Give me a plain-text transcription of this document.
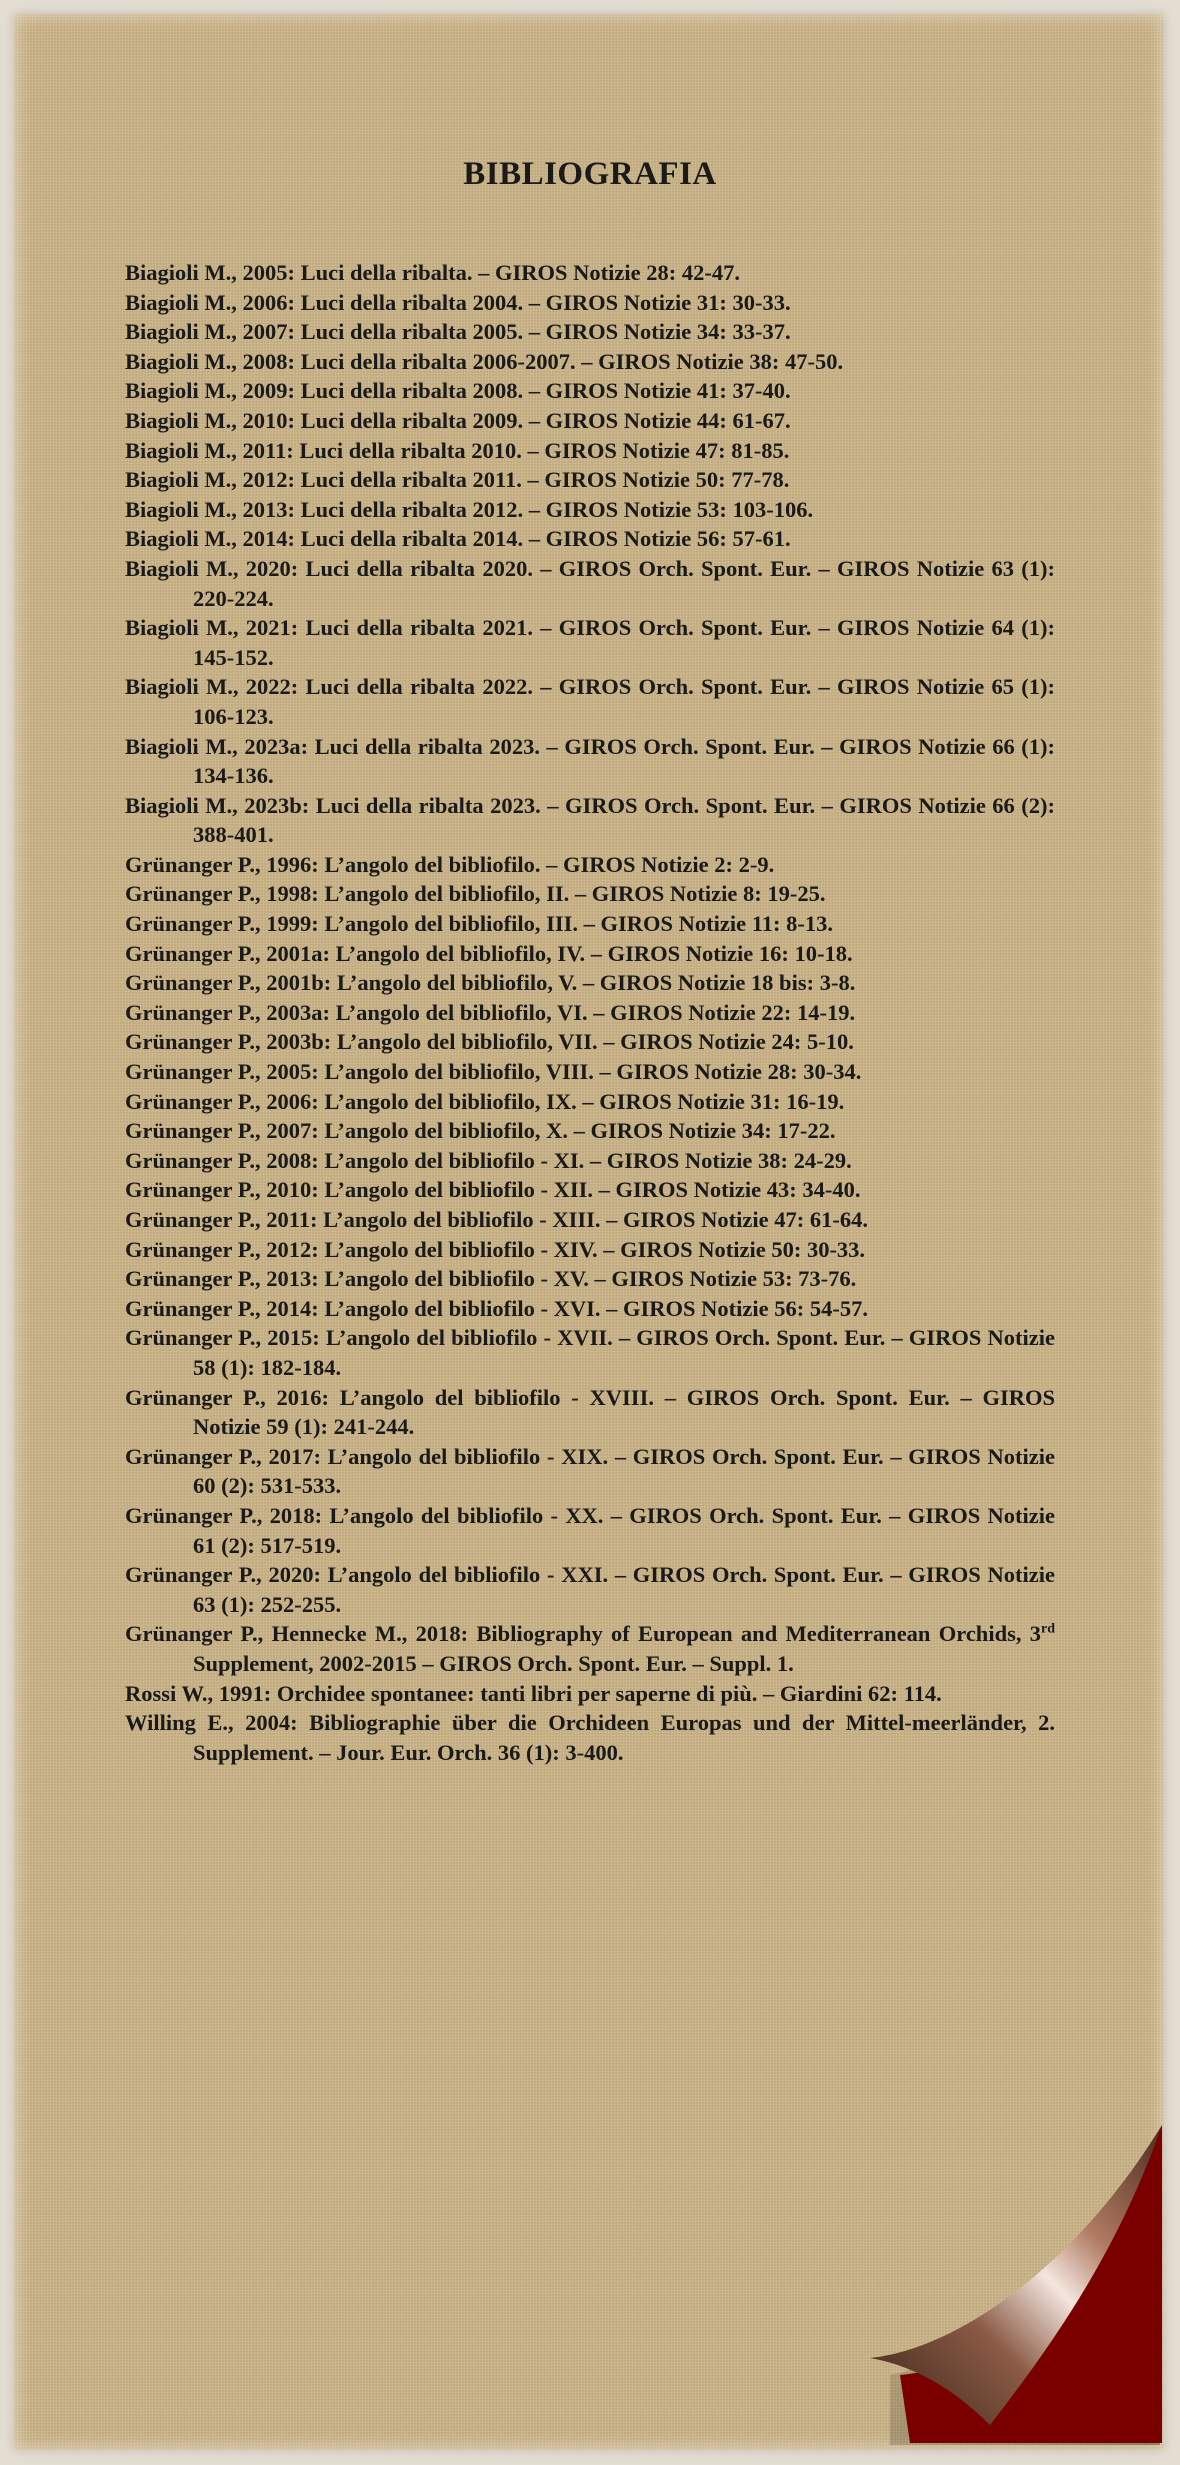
BIBLIOGRAFIA
Biagioli M., 2005: Luci della ribalta. – GIROS Notizie 28: 42-47.
Biagioli M., 2006: Luci della ribalta 2004. – GIROS Notizie 31: 30-33.
Biagioli M., 2007: Luci della ribalta 2005. – GIROS Notizie 34: 33-37.
Biagioli M., 2008: Luci della ribalta 2006-2007. – GIROS Notizie 38: 47-50.
Biagioli M., 2009: Luci della ribalta 2008. – GIROS Notizie 41: 37-40.
Biagioli M., 2010: Luci della ribalta 2009. – GIROS Notizie 44: 61-67.
Biagioli M., 2011: Luci della ribalta 2010. – GIROS Notizie 47: 81-85.
Biagioli M., 2012: Luci della ribalta 2011. – GIROS Notizie 50: 77-78.
Biagioli M., 2013: Luci della ribalta 2012. – GIROS Notizie 53: 103-106.
Biagioli M., 2014: Luci della ribalta 2014. – GIROS Notizie 56: 57-61.
Biagioli M., 2020: Luci della ribalta 2020. – GIROS Orch. Spont. Eur. – GIROS Notizie 63 (1): 220-224.
Biagioli M., 2021: Luci della ribalta 2021. – GIROS Orch. Spont. Eur. – GIROS Notizie 64 (1): 145-152.
Biagioli M., 2022: Luci della ribalta 2022. – GIROS Orch. Spont. Eur. – GIROS Notizie 65 (1): 106-123.
Biagioli M., 2023a: Luci della ribalta 2023. – GIROS Orch. Spont. Eur. – GIROS Notizie 66 (1): 134-136.
Biagioli M., 2023b: Luci della ribalta 2023. – GIROS Orch. Spont. Eur. – GIROS Notizie 66 (2): 388-401.
Grünanger P., 1996: L’angolo del bibliofilo. – GIROS Notizie 2: 2-9.
Grünanger P., 1998: L’angolo del bibliofilo, II. – GIROS Notizie 8: 19-25.
Grünanger P., 1999: L’angolo del bibliofilo, III. – GIROS Notizie 11: 8-13.
Grünanger P., 2001a: L’angolo del bibliofilo, IV. – GIROS Notizie 16: 10-18.
Grünanger P., 2001b: L’angolo del bibliofilo, V. – GIROS Notizie 18 bis: 3-8.
Grünanger P., 2003a: L’angolo del bibliofilo, VI. – GIROS Notizie 22: 14-19.
Grünanger P., 2003b: L’angolo del bibliofilo, VII. – GIROS Notizie 24: 5-10.
Grünanger P., 2005: L’angolo del bibliofilo, VIII. – GIROS Notizie 28: 30-34.
Grünanger P., 2006: L’angolo del bibliofilo, IX. – GIROS Notizie 31: 16-19.
Grünanger P., 2007: L’angolo del bibliofilo, X. – GIROS Notizie 34: 17-22.
Grünanger P., 2008: L’angolo del bibliofilo - XI. – GIROS Notizie 38: 24-29.
Grünanger P., 2010: L’angolo del bibliofilo - XII. – GIROS Notizie 43: 34-40.
Grünanger P., 2011: L’angolo del bibliofilo - XIII. – GIROS Notizie 47: 61-64.
Grünanger P., 2012: L’angolo del bibliofilo - XIV. – GIROS Notizie 50: 30-33.
Grünanger P., 2013: L’angolo del bibliofilo - XV. – GIROS Notizie 53: 73-76.
Grünanger P., 2014: L’angolo del bibliofilo - XVI. – GIROS Notizie 56: 54-57.
Grünanger P., 2015: L’angolo del bibliofilo - XVII. – GIROS Orch. Spont. Eur. – GIROS Notizie 58 (1): 182-184.
Grünanger P., 2016: L’angolo del bibliofilo - XVIII. – GIROS Orch. Spont. Eur. – GIROS Notizie 59 (1): 241-244.
Grünanger P., 2017: L’angolo del bibliofilo - XIX. – GIROS Orch. Spont. Eur. – GIROS Notizie 60 (2): 531-533.
Grünanger P., 2018: L’angolo del bibliofilo - XX. – GIROS Orch. Spont. Eur. – GIROS Notizie 61 (2): 517-519.
Grünanger P., 2020: L’angolo del bibliofilo - XXI. – GIROS Orch. Spont. Eur. – GIROS Notizie 63 (1): 252-255.
Grünanger P., Hennecke M., 2018: Bibliography of European and Mediterranean Orchids, 3rd Supplement, 2002-2015 – GIROS Orch. Spont. Eur. – Suppl. 1.
Rossi W., 1991: Orchidee spontanee: tanti libri per saperne di più. – Giardini 62: 114.
Willing E., 2004: Bibliographie über die Orchideen Europas und der Mittel-meerländer, 2. Supplement. – Jour. Eur. Orch. 36 (1): 3-400.
